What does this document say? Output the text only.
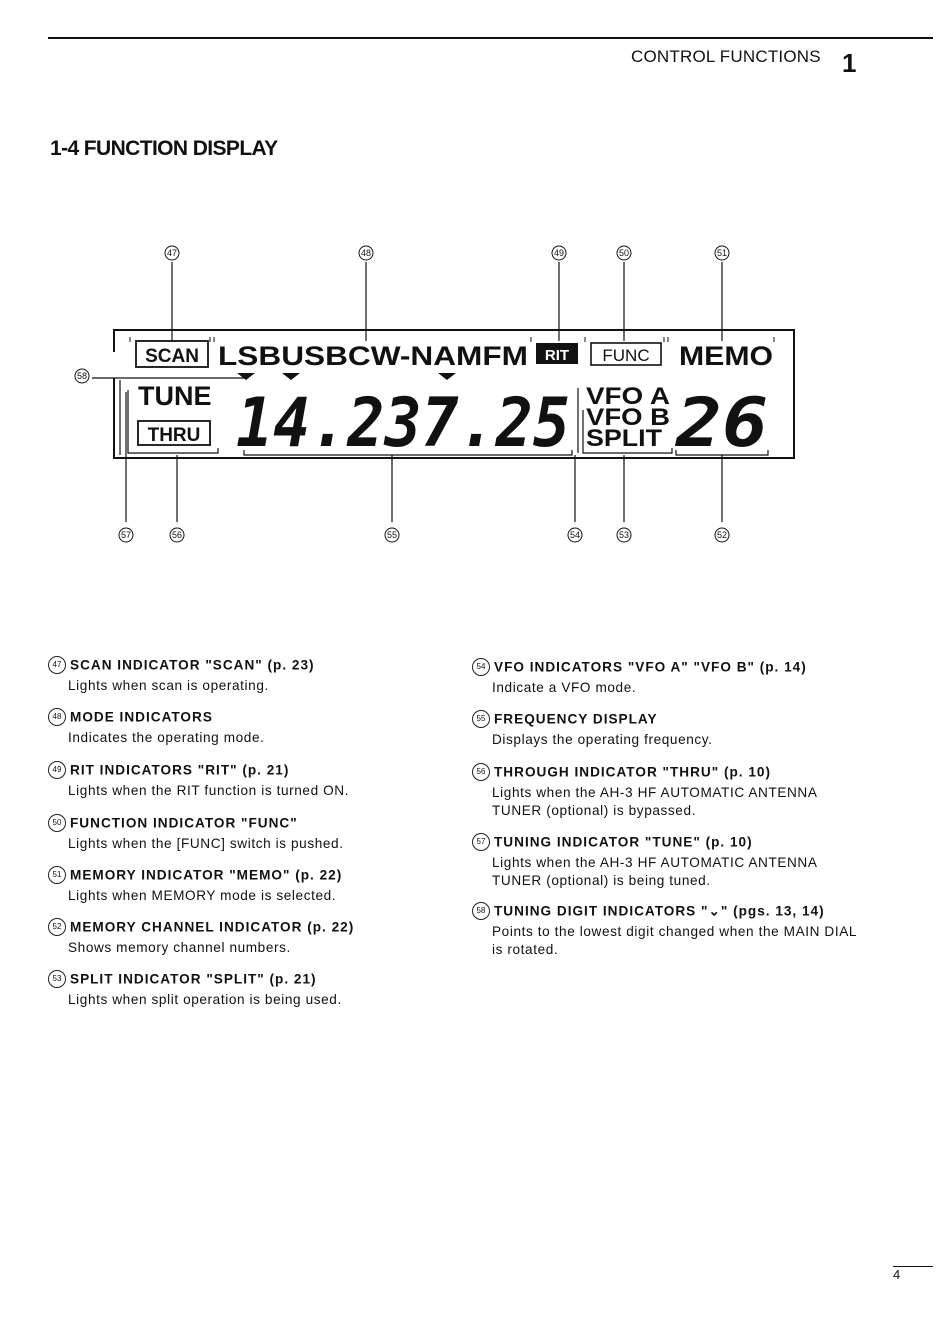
CONTROL FUNCTIONS 1
1-4 FUNCTION DISPLAY
SCAN LSBUSBCW-NAMFM RIT FUNC MEMO
TUNE
THRU 14.237.25 VFO A
VFO B
SPLIT 26
47	48	49	50	51
58
57	56	55	54	53	52
47 SCAN INDICATOR "SCAN" (p. 23)
Lights when scan is operating.
48 MODE INDICATORS
Indicates the operating mode.
49 RIT INDICATORS "RIT" (p. 21)
Lights when the RIT function is turned ON.
50 FUNCTION INDICATOR "FUNC"
Lights when the [FUNC] switch is pushed.
51 MEMORY INDICATOR "MEMO" (p. 22)
Lights when MEMORY mode is selected.
52 MEMORY CHANNEL INDICATOR (p. 22)
Shows memory channel numbers.
53 SPLIT INDICATOR "SPLIT" (p. 21)
Lights when split operation is being used.
54 VFO INDICATORS "VFO A" "VFO B" (p. 14)
Indicate a VFO mode.
55 FREQUENCY DISPLAY
Displays the operating frequency.
56 THROUGH INDICATOR "THRU" (p. 10)
Lights when the AH-3 HF AUTOMATIC ANTENNA TUNER (optional) is bypassed.
57 TUNING INDICATOR "TUNE" (p. 10)
Lights when the AH-3 HF AUTOMATIC ANTENNA TUNER (optional) is being tuned.
58 TUNING DIGIT INDICATORS "⌄" (pgs. 13, 14)
Points to the lowest digit changed when the MAIN DIAL is rotated.
4
